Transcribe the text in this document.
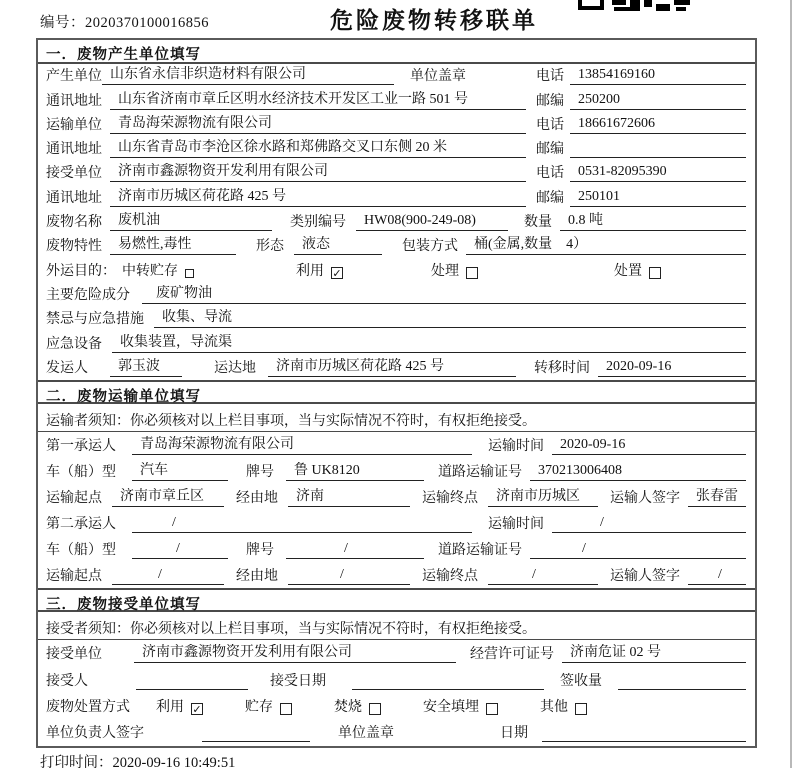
编号：2020370100016856	危险废物转移联单
一．废物产生单位填写
产生单位 山东省永信非织造材料有限公司	单位盖章	电话	13854169160
通讯地址	山东省济南市章丘区明水经济技术开发区工业一路 501 号	邮编	250200
运输单位	青岛海荣源物流有限公司	电话	18661672606
通讯地址	山东省青岛市李沧区徐水路和郑佛路交叉口东侧 20 米	邮编
接受单位	济南市鑫源物资开发利用有限公司	电话	0531-82095390
通讯地址	济南市历城区荷花路 425 号	邮编	250101
废物名称	废机油	类别编号	HW08(900-249-08)	数量	0.8 吨
废物特性	易燃性,毒性	形态	液态	包装方式	桶(金属,数量　4）
外运目的： 中转贮存	利用 ✓	处理	处置
主要危险成分	废矿物油
禁忌与应急措施	收集、导流
应急设备	收集装置，导流渠
发运人	郭玉波	运达地	济南市历城区荷花路 425 号	转移时间	2020-09-16
二．废物运输单位填写
运输者须知：你必须核对以上栏目事项，当与实际情况不符时，有权拒绝接受。
第一承运人	青岛海荣源物流有限公司	运输时间	2020-09-16
车（船）型	汽车	牌号	鲁 UK8120	道路运输证号	370213006408
运输起点	济南市章丘区	经由地	济南	运输终点	济南市历城区	运输人签字	张春雷
第二承运人	/	运输时间	/
车（船）型	/	牌号	/	道路运输证号	/
运输起点	/	经由地	/	运输终点	/	运输人签字	/
三．废物接受单位填写
接受者须知：你必须核对以上栏目事项，当与实际情况不符时，有权拒绝接受。
接受单位	济南市鑫源物资开发利用有限公司	经营许可证号	济南危证 02 号
接受人	接受日期	签收量
废物处置方式 利用 ✓	贮存	焚烧	安全填埋	其他
单位负责人签字	单位盖章	日期
打印时间：2020-09-16 10:49:51
